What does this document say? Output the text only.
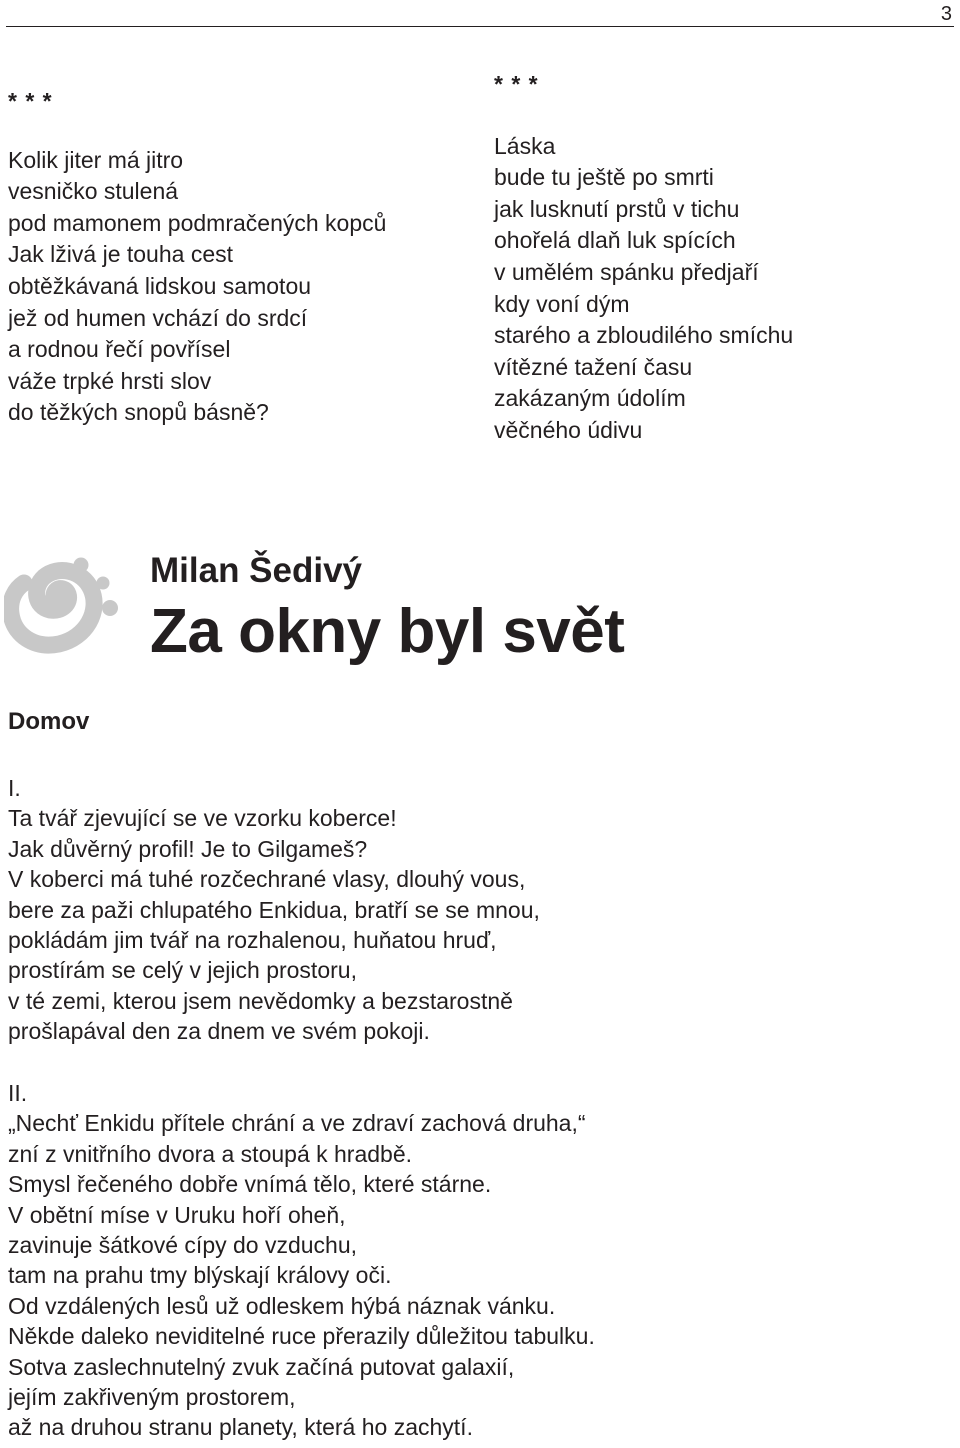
3
* * *
Kolik jiter má jitro
vesničko stulená
pod mamonem podmračených kopců
Jak lživá je touha cest
obtěžkávaná lidskou samotou
jež od humen vchází do srdcí
a rodnou řečí povřísel
váže trpké hrsti slov
do těžkých snopů básně?
* * *
Láska
bude tu ještě po smrti
jak lusknutí prstů v tichu
ohořelá dlaň luk spících
v umělém spánku předjaří
kdy voní dým
starého a zbloudilého smíchu
vítězné tažení času
zakázaným údolím
věčného údivu
Milan Šedivý
Za okny byl svět
Domov
I.
Ta tvář zjevující se ve vzorku koberce!
Jak důvěrný profil! Je to Gilgameš?
V koberci má tuhé rozčechrané vlasy, dlouhý vous,
bere za paži chlupatého Enkidua, bratří se se mnou,
pokládám jim tvář na rozhalenou, huňatou hruď,
prostírám se celý v jejich prostoru,
v té zemi, kterou jsem nevědomky a bezstarostně
prošlapával den za dnem ve svém pokoji.
II.
„Nechť Enkidu přítele chrání a ve zdraví zachová druha,“
zní z vnitřního dvora a stoupá k hradbě.
Smysl řečeného dobře vnímá tělo, které stárne.
V obětní míse v Uruku hoří oheň,
zavinuje šátkové cípy do vzduchu,
tam na prahu tmy blýskají královy oči.
Od vzdálených lesů už odleskem hýbá náznak vánku.
Někde daleko neviditelné ruce přerazily důležitou tabulku.
Sotva zaslechnutelný zvuk začíná putovat galaxií,
jejím zakřiveným prostorem,
až na druhou stranu planety, která ho zachytí.
